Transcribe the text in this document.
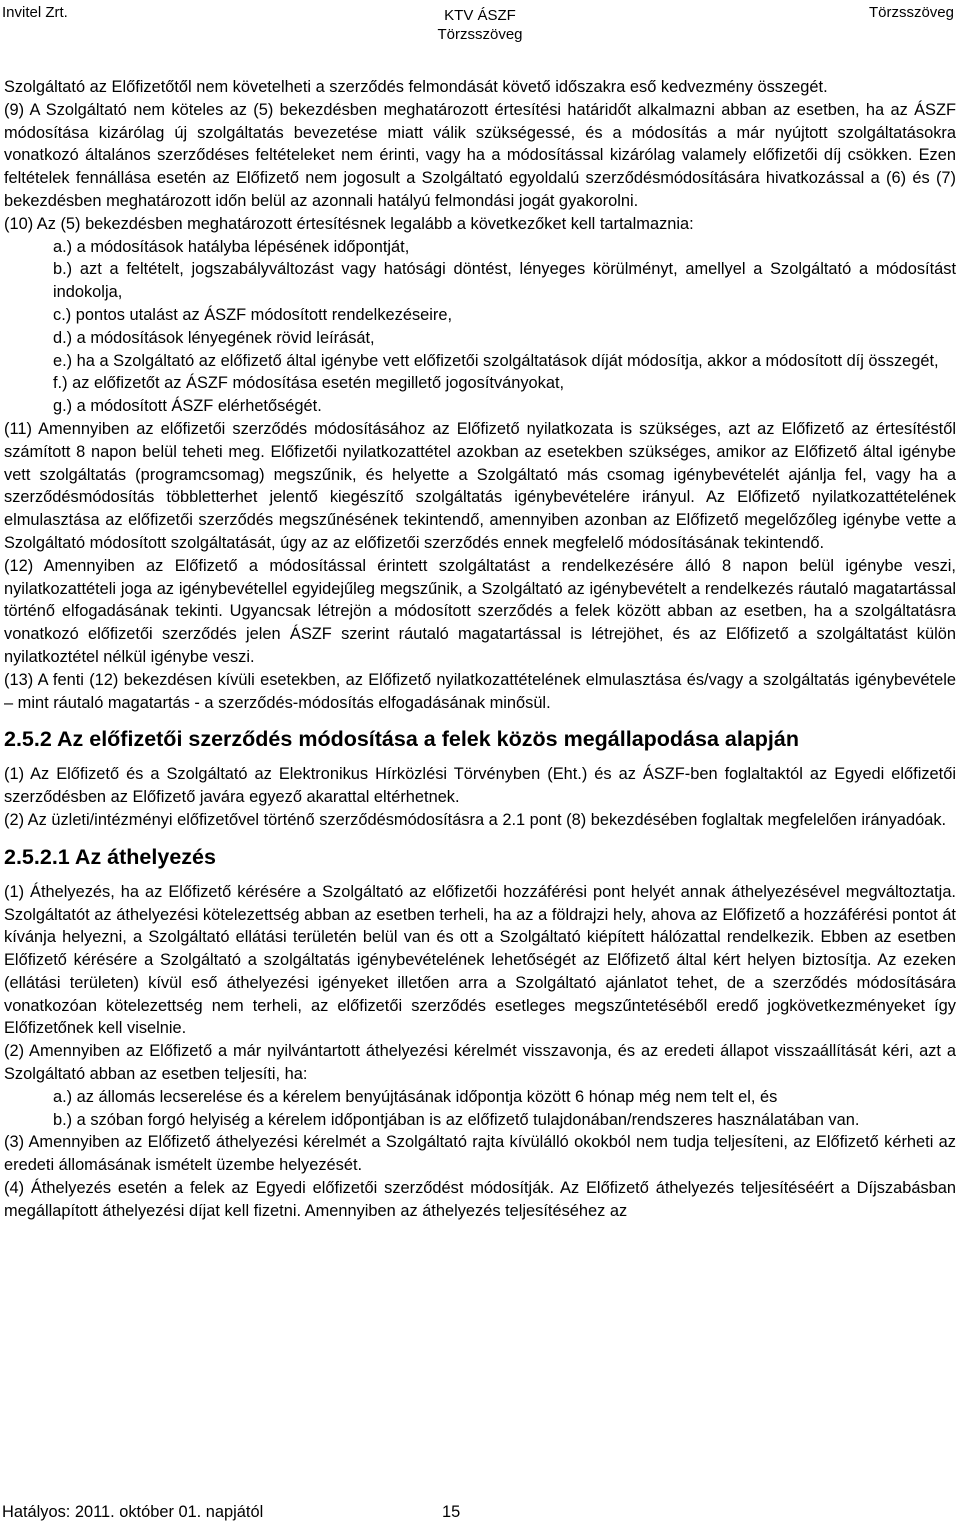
Invitel Zrt.	KTV ÁSZF
Törzsszöveg
Törzsszöveg

Szolgáltató az Előfizetőtől nem követelheti a szerződés felmondását követő időszakra eső kedvezmény összegét.

(9) A Szolgáltató nem köteles az (5) bekezdésben meghatározott értesítési határidőt alkalmazni abban az esetben, ha az ÁSZF módosítása kizárólag új szolgáltatás bevezetése miatt válik szükségessé, és a módosítás a már nyújtott szolgáltatásokra vonatkozó általános szerződéses feltételeket nem érinti, vagy ha a módosítással kizárólag valamely előfizetői díj csökken. Ezen feltételek fennállása esetén az Előfizető nem jogosult a Szolgáltató egyoldalú szerződésmódosítására hivatkozással a (6) és (7) bekezdésben meghatározott időn belül az azonnali hatályú felmondási jogát gyakorolni.

(10) Az (5) bekezdésben meghatározott értesítésnek legalább a következőket kell tartalmaznia:

a.) a módosítások hatályba lépésének időpontját,

b.) azt a feltételt, jogszabályváltozást vagy hatósági döntést, lényeges körülményt, amellyel a Szolgáltató a módosítást indokolja,

c.) pontos utalást az ÁSZF módosított rendelkezéseire,

d.) a módosítások lényegének rövid leírását,

e.) ha a Szolgáltató az előfizető által igénybe vett előfizetői szolgáltatások díját módosítja, akkor a módosított díj összegét,

f.) az előfizetőt az ÁSZF módosítása esetén megillető jogosítványokat,

g.) a módosított ÁSZF elérhetőségét.

(11) Amennyiben az előfizetői szerződés módosításához az Előfizető nyilatkozata is szükséges, azt az Előfizető az értesítéstől számított 8 napon belül teheti meg. Előfizetői nyilatkozattétel azokban az esetekben szükséges, amikor az Előfizető által igénybe vett szolgáltatás (programcsomag) megszűnik, és helyette a Szolgáltató más csomag igénybevételét ajánlja fel, vagy ha a szerződésmódosítás többletterhet jelentő kiegészítő szolgáltatás igénybevételére irányul. Az Előfizető nyilatkozattételének elmulasztása az előfizetői szerződés megszűnésének tekintendő, amennyiben azonban az Előfizető megelőzőleg igénybe vette a Szolgáltató módosított szolgáltatását, úgy az az előfizetői szerződés ennek megfelelő módosításának tekintendő.

(12) Amennyiben az Előfizető a módosítással érintett szolgáltatást a rendelkezésére álló 8 napon belül igénybe veszi, nyilatkozattételi joga az igénybevétellel egyidejűleg megszűnik, a Szolgáltató az igénybevételt a rendelkezés ráutaló magatartással történő elfogadásának tekinti. Ugyancsak létrejön a módosított szerződés a felek között abban az esetben, ha a szolgáltatásra vonatkozó előfizetői szerződés jelen ÁSZF szerint ráutaló magatartással is létrejöhet, és az Előfizető a szolgáltatást külön nyilatkoztétel nélkül igénybe veszi.

(13) A fenti (12) bekezdésen kívüli esetekben, az Előfizető nyilatkozattételének elmulasztása és/vagy a szolgáltatás igénybevétele – mint ráutaló magatartás - a szerződés-módosítás elfogadásának minősül.

2.5.2 Az előfizetői szerződés módosítása a felek közös megállapodása alapján

(1) Az Előfizető és a Szolgáltató az Elektronikus Hírközlési Törvényben (Eht.) és az ÁSZF-ben foglaltaktól az Egyedi előfizetői szerződésben az Előfizető javára egyező akarattal eltérhetnek.

(2) Az üzleti/intézményi előfizetővel történő szerződésmódosításra a 2.1 pont (8) bekezdésében foglaltak megfelelően irányadóak.

2.5.2.1 Az áthelyezés

(1) Áthelyezés, ha az Előfizető kérésére a Szolgáltató az előfizetői hozzáférési pont helyét annak áthelyezésével megváltoztatja. Szolgáltatót az áthelyezési kötelezettség abban az esetben terheli, ha az a földrajzi hely, ahova az Előfizető a hozzáférési pontot át kívánja helyezni, a Szolgáltató ellátási területén belül van és ott a Szolgáltató kiépített hálózattal rendelkezik. Ebben az esetben Előfizető kérésére a Szolgáltató a szolgáltatás igénybevételének lehetőségét az Előfizető által kért helyen biztosítja. Az ezeken (ellátási területen) kívül eső áthelyezési igényeket illetően arra a Szolgáltató ajánlatot tehet, de a szerződés módosítására vonatkozóan kötelezettség nem terheli, az előfizetői szerződés esetleges megszűntetéséből eredő jogkövetkezményeket így Előfizetőnek kell viselnie.

(2) Amennyiben az Előfizető a már nyilvántartott áthelyezési kérelmét visszavonja, és az eredeti állapot visszaállítását kéri, azt a Szolgáltató abban az esetben teljesíti, ha:

a.) az állomás lecserelése és a kérelem benyújtásának időpontja között 6 hónap még nem telt el, és

b.) a szóban forgó helyiség a kérelem időpontjában is az előfizető tulajdonában/rendszeres használatában van.

(3) Amennyiben az Előfizető áthelyezési kérelmét a Szolgáltató rajta kívülálló okokból nem tudja teljesíteni, az Előfizető kérheti az eredeti állomásának ismételt üzembe helyezését.

(4) Áthelyezés esetén a felek az Egyedi előfizetői szerződést módosítják. Az Előfizető áthelyezés teljesítéséért a Díjszabásban megállapított áthelyezési díjat kell fizetni. Amennyiben az áthelyezés teljesítéséhez az

Hatályos: 2011. október 01. napjától	15
